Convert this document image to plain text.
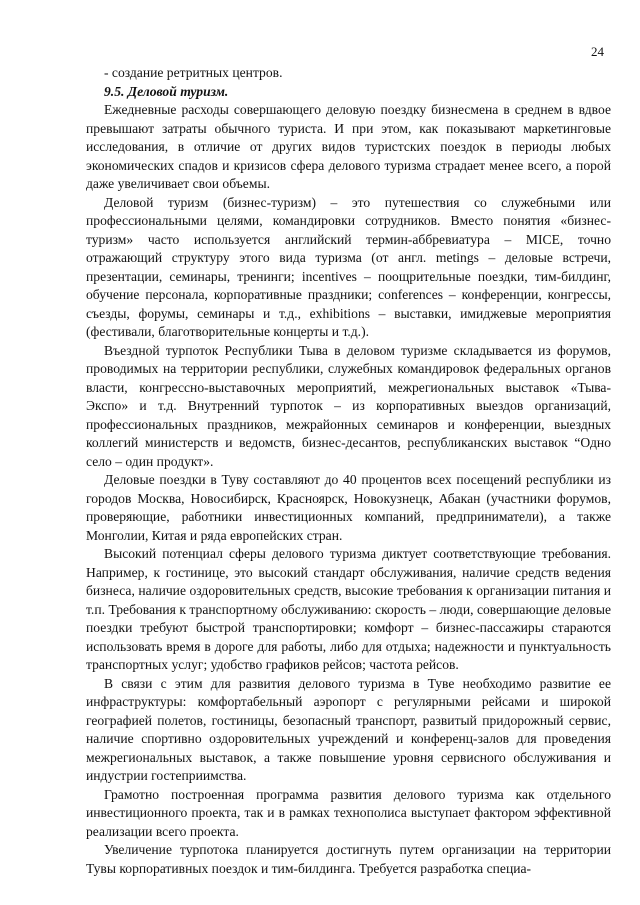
24

- создание ретритных центров.

9.5. Деловой туризм.

Ежедневные расходы совершающего деловую поездку бизнесмена в среднем в вдвое превышают затраты обычного туриста. И при этом, как показывают маркетинговые исследования, в отличие от других видов туристских поездок в периоды любых экономических спадов и кризисов сфера делового туризма страдает менее всего, а порой даже увеличивает свои объемы.

Деловой туризм (бизнес-туризм) – это путешествия со служебными или профессиональными целями, командировки сотрудников. Вместо понятия «бизнес-туризм» часто используется английский термин-аббревиатура – MICE, точно отражающий структуру этого вида туризма (от англ. metings – деловые встречи, презентации, семинары, тренинги; incentives – поощрительные поездки, тим-билдинг, обучение персонала, корпоративные праздники; conferences – конференции, конгрессы, съезды, форумы, семинары и т.д., exhibitions – выставки, имиджевые мероприятия (фестивали, благотворительные концерты и т.д.).

Въездной турпоток Республики Тыва в деловом туризме складывается из форумов, проводимых на территории республики, служебных командировок федеральных органов власти, конгрессно-выставочных мероприятий, межрегиональных выставок «Тыва-Экспо» и т.д. Внутренний турпоток – из корпоративных выездов организаций, профессиональных праздников, межрайонных семинаров и конференции, выездных коллегий министерств и ведомств, бизнес-десантов, республиканских выставок “Одно село – один продукт».

Деловые поездки в Туву составляют до 40 процентов всех посещений республики из городов Москва, Новосибирск, Красноярск, Новокузнецк, Абакан (участники форумов, проверяющие, работники инвестиционных компаний, предприниматели), а также Монголии, Китая и ряда европейских стран.

Высокий потенциал сферы делового туризма диктует соответствующие требования. Например, к гостинице, это высокий стандарт обслуживания, наличие средств ведения бизнеса, наличие оздоровительных средств, высокие требования к организации питания и т.п. Требования к транспортному обслуживанию: скорость – люди, совершающие деловые поездки требуют быстрой транспортировки; комфорт – бизнес-пассажиры стараются использовать время в дороге для работы, либо для отдыха; надежности и пунктуальность транспортных услуг; удобство графиков рейсов; частота рейсов.

В связи с этим для развития делового туризма в Туве необходимо развитие ее инфраструктуры: комфортабельный аэропорт с регулярными рейсами и широкой географией полетов, гостиницы, безопасный транспорт, развитый придорожный сервис, наличие спортивно оздоровительных учреждений и конференц-залов для проведения межрегиональных выставок, а также повышение уровня сервисного обслуживания и индустрии гостеприимства.

Грамотно построенная программа развития делового туризма как отдельного инвестиционного проекта, так и в рамках технополиса выступает фактором эффективной реализации всего проекта.

Увеличение турпотока планируется достигнуть путем организации на территории Тувы корпоративных поездок и тим-билдинга. Требуется разработка специа-
